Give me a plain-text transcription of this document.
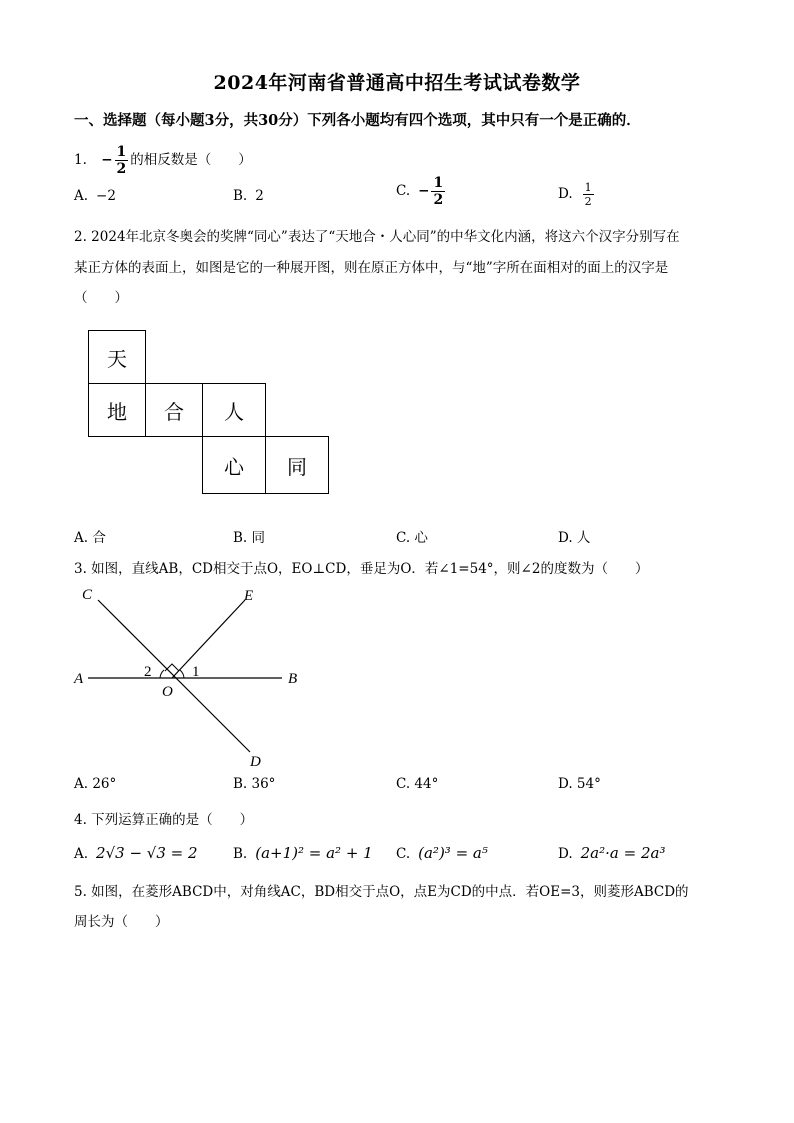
2024年河南省普通高中招生考试试卷数学
一、选择题（每小题3分，共30分）下列各小题均有四个选项，其中只有一个是正确的．
1. − $\frac{1}{2}$ 的相反数是（　　）
A. −2	B. 2	C. − $\frac{1}{2}$	D. $\frac{1}{2}$
2. 2024年北京冬奥会的奖牌“同心”表达了“天地合・人心同”的中华文化内涵，将这六个汉字分别写在
某正方体的表面上，如图是它的一种展开图，则在原正方体中，与“地”字所在面相对的面上的汉字是
（　　）
天
地	合	人
心	同
A. 合	B. 同	C. 心	D. 人
3. 如图，直线AB，CD相交于点O，EO⊥CD，垂足为O．若∠1=54°，则∠2的度数为（　　）
A	B
C
D
E
O
1
2
A. 26°	B. 36°	C. 44°	D. 54°
4. 下列运算正确的是（　　）
A. 2√3 − √3 = 2	B. (a+1)² = a² + 1 C. (a²)³ = a⁵	D. 2a²·a = 2a³
5. 如图，在菱形ABCD中，对角线AC，BD相交于点O，点E为CD的中点．若OE=3，则菱形ABCD的
周长为（　　）
